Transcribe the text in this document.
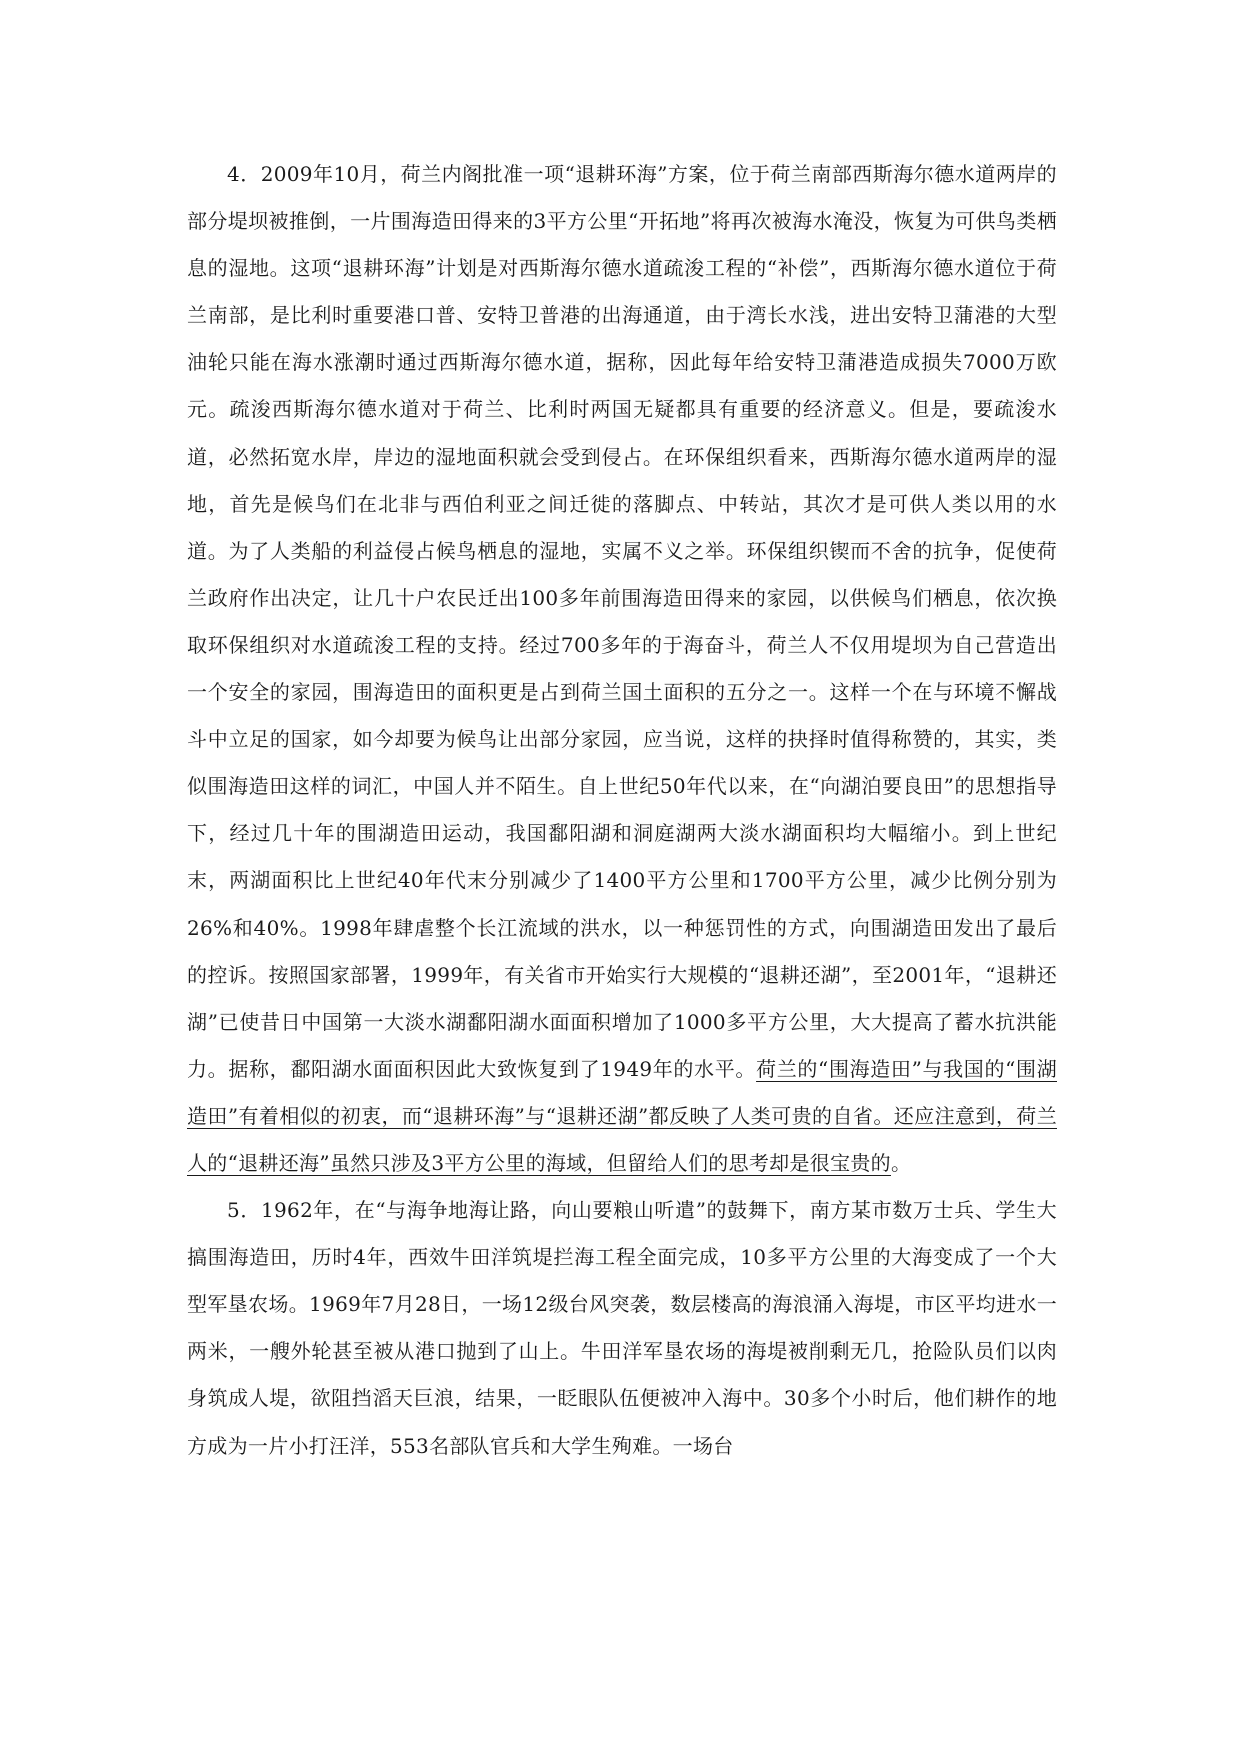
4．2009年10月，荷兰内阁批准一项“退耕环海”方案，位于荷兰南部西斯海尔德水道两岸的部分堤坝被推倒，一片围海造田得来的3平方公里“开拓地”将再次被海水淹没，恢复为可供鸟类栖息的湿地。这项“退耕环海”计划是对西斯海尔德水道疏浚工程的“补偿”，西斯海尔德水道位于荷兰南部，是比利时重要港口普、安特卫普港的出海通道，由于湾长水浅，进出安特卫蒲港的大型油轮只能在海水涨潮时通过西斯海尔德水道，据称，因此每年给安特卫蒲港造成损失7000万欧元。疏浚西斯海尔德水道对于荷兰、比利时两国无疑都具有重要的经济意义。但是，要疏浚水道，必然拓宽水岸，岸边的湿地面积就会受到侵占。在环保组织看来，西斯海尔德水道两岸的湿地，首先是候鸟们在北非与西伯利亚之间迁徙的落脚点、中转站，其次才是可供人类以用的水道。为了人类船的利益侵占候鸟栖息的湿地，实属不义之举。环保组织锲而不舍的抗争，促使荷兰政府作出决定，让几十户农民迁出100多年前围海造田得来的家园，以供候鸟们栖息，依次换取环保组织对水道疏浚工程的支持。经过700多年的于海奋斗，荷兰人不仅用堤坝为自己营造出一个安全的家园，围海造田的面积更是占到荷兰国土面积的五分之一。这样一个在与环境不懈战斗中立足的国家，如今却要为候鸟让出部分家园，应当说，这样的抉择时值得称赞的，其实，类似围海造田这样的词汇，中国人并不陌生。自上世纪50年代以来，在“向湖泊要良田”的思想指导下，经过几十年的围湖造田运动，我国鄱阳湖和洞庭湖两大淡水湖面积均大幅缩小。到上世纪末，两湖面积比上世纪40年代末分别减少了1400平方公里和1700平方公里，减少比例分别为26%和40%。1998年肆虐整个长江流域的洪水，以一种惩罚性的方式，向围湖造田发出了最后的控诉。按照国家部署，1999年，有关省市开始实行大规模的“退耕还湖”，至2001年，“退耕还湖”已使昔日中国第一大淡水湖鄱阳湖水面面积增加了1000多平方公里，大大提高了蓄水抗洪能力。据称，鄱阳湖水面面积因此大致恢复到了1949年的水平。荷兰的“围海造田”与我国的“围湖造田”有着相似的初衷，而“退耕环海”与“退耕还湖”都反映了人类可贵的自省。还应注意到，荷兰人的“退耕还海”虽然只涉及3平方公里的海域，但留给人们的思考却是很宝贵的。

5．1962年，在“与海争地海让路，向山要粮山听遣”的鼓舞下，南方某市数万士兵、学生大搞围海造田，历时4年，西效牛田洋筑堤拦海工程全面完成，10多平方公里的大海变成了一个大型军垦农场。1969年7月28日，一场12级台风突袭，数层楼高的海浪涌入海堤，市区平均进水一两米，一艘外轮甚至被从港口抛到了山上。牛田洋军垦农场的海堤被削剩无几，抢险队员们以肉身筑成人堤，欲阻挡滔天巨浪，结果，一眨眼队伍便被冲入海中。30多个小时后，他们耕作的地方成为一片小打汪洋，553名部队官兵和大学生殉难。一场台
